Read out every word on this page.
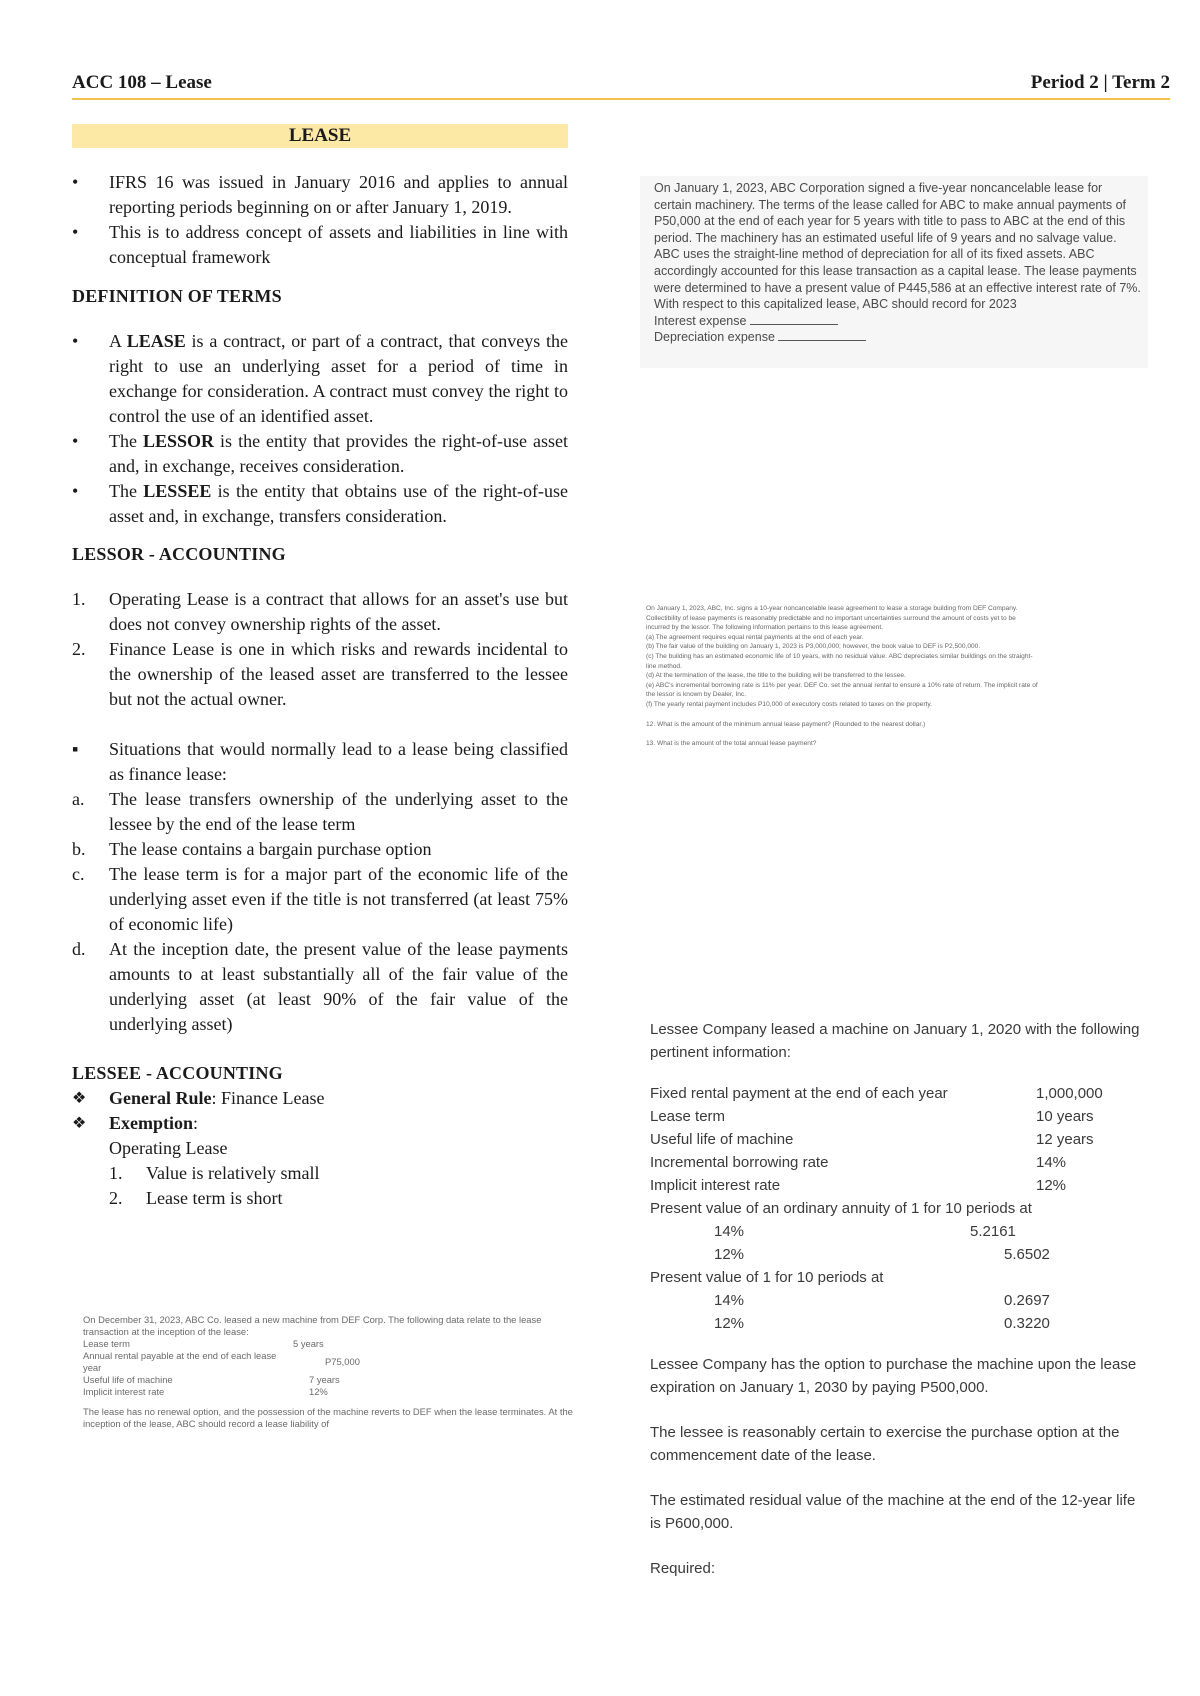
ACC 108 – Lease	Period 2 | Term 2
LEASE
• IFRS 16 was issued in January 2016 and applies to annual reporting periods beginning on or after January 1, 2019.
• This is to address concept of assets and liabilities in line with conceptual framework
DEFINITION OF TERMS
• A LEASE is a contract, or part of a contract, that conveys the right to use an underlying asset for a period of time in exchange for consideration. A contract must convey the right to control the use of an identified asset.
• The LESSOR is the entity that provides the right-of-use asset and, in exchange, receives consideration.
• The LESSEE is the entity that obtains use of the right-of-use asset and, in exchange, transfers consideration.
LESSOR - ACCOUNTING
1. Operating Lease is a contract that allows for an asset's use but does not convey ownership rights of the asset.
2. Finance Lease is one in which risks and rewards incidental to the ownership of the leased asset are transferred to the lessee but not the actual owner.
▪ Situations that would normally lead to a lease being classified as finance lease:
a. The lease transfers ownership of the underlying asset to the lessee by the end of the lease term
b. The lease contains a bargain purchase option
c. The lease term is for a major part of the economic life of the underlying asset even if the title is not transferred (at least 75% of economic life)
d. At the inception date, the present value of the lease payments amounts to at least substantially all of the fair value of the underlying asset (at least 90% of the fair value of the underlying asset)
LESSEE - ACCOUNTING
❖ General Rule: Finance Lease
❖ Exemption:
Operating Lease
1. Value is relatively small
2. Lease term is short
On December 31, 2023, ABC Co. leased a new machine from DEF Corp. The following data relate to the lease transaction at the inception of the lease:
Lease term	5 years
Annual rental payable at the end of each lease year	P75,000
Useful life of machine	7 years
Implicit interest rate	12%
The lease has no renewal option, and the possession of the machine reverts to DEF when the lease terminates. At the inception of the lease, ABC should record a lease liability of
On January 1, 2023, ABC Corporation signed a five-year noncancelable lease for certain machinery. The terms of the lease called for ABC to make annual payments of P50,000 at the end of each year for 5 years with title to pass to ABC at the end of this period. The machinery has an estimated useful life of 9 years and no salvage value. ABC uses the straight-line method of depreciation for all of its fixed assets. ABC accordingly accounted for this lease transaction as a capital lease. The lease payments were determined to have a present value of P445,586 at an effective interest rate of 7%. With respect to this capitalized lease, ABC should record for 2023
Interest expense
Depreciation expense
On January 1, 2023, ABC, Inc. signs a 10-year noncancelable lease agreement to lease a storage building from DEF Company.
Collectibility of lease payments is reasonably predictable and no important uncertainties surround the amount of costs yet to be
incurred by the lessor. The following information pertains to this lease agreement.
(a) The agreement requires equal rental payments at the end of each year.
(b) The fair value of the building on January 1, 2023 is P3,000,000; however, the book value to DEF is P2,500,000.
(c) The building has an estimated economic life of 10 years, with no residual value. ABC depreciates similar buildings on the straight-
line method.
(d) At the termination of the lease, the title to the building will be transferred to the lessee.
(e) ABC's incremental borrowing rate is 11% per year. DEF Co. set the annual rental to ensure a 10% rate of return. The implicit rate of
the lessor is known by Dealer, Inc.
(f) The yearly rental payment includes P10,000 of executory costs related to taxes on the property.
12. What is the amount of the minimum annual lease payment? (Rounded to the nearest dollar.)
13. What is the amount of the total annual lease payment?

Lessee Company leased a machine on January 1, 2020 with the following pertinent information:

Fixed rental payment at the end of each year	1,000,000
Lease term	10 years
Useful life of machine	12 years
Incremental borrowing rate	14%
Implicit interest rate	12%
Present value of an ordinary annuity of 1 for 10 periods at
14%	5.2161
12%	5.6502
Present value of 1 for 10 periods at
14%	0.2697
12%	0.3220

Lessee Company has the option to purchase the machine upon the lease expiration on January 1, 2030 by paying P500,000.

The lessee is reasonably certain to exercise the purchase option at the commencement date of the lease.

The estimated residual value of the machine at the end of the 12-year life is P600,000.

Required:
